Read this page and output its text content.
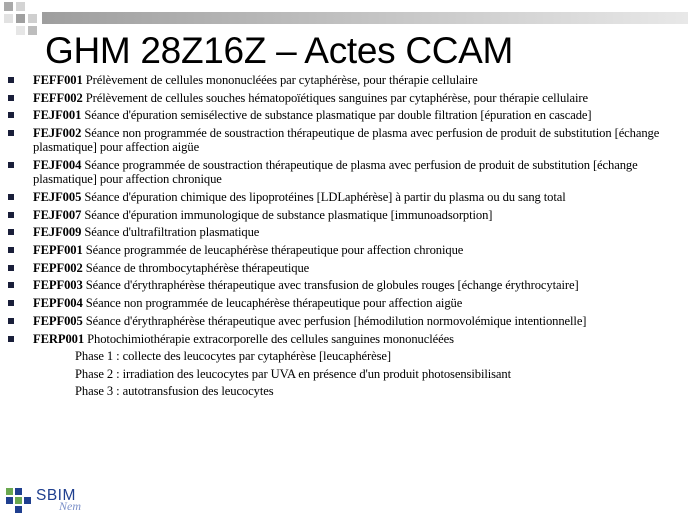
GHM 28Z16Z – Actes CCAM
FEFF001 Prélèvement de cellules mononucléées par cytaphérèse, pour thérapie cellulaire
FEFF002 Prélèvement de cellules souches hématopoïétiques sanguines par cytaphérèse, pour thérapie cellulaire
FEJF001 Séance d'épuration semisélective de substance plasmatique par double filtration [épuration en cascade]
FEJF002 Séance non programmée de soustraction thérapeutique de plasma avec perfusion de produit de substitution [échange plasmatique] pour affection aigüe
FEJF004 Séance programmée de soustraction thérapeutique de plasma avec perfusion de produit de substitution [échange plasmatique] pour affection chronique
FEJF005 Séance d'épuration chimique des lipoprotéines [LDLaphérèse] à partir du plasma ou du sang total
FEJF007 Séance d'épuration immunologique de substance plasmatique [immunoadsorption]
FEJF009 Séance d'ultrafiltration plasmatique
FEPF001 Séance programmée de leucaphérèse thérapeutique pour affection chronique
FEPF002 Séance de thrombocytaphérèse thérapeutique
FEPF003 Séance d'érythraphérèse thérapeutique avec transfusion de globules rouges [échange érythrocytaire]
FEPF004 Séance non programmée de leucaphérèse thérapeutique pour affection aigüe
FEPF005 Séance d'érythraphérèse thérapeutique avec perfusion [hémodilution normovolémique intentionnelle]
FERP001 Photochimiothérapie extracorporelle des cellules sanguines mononucléées
Phase 1 : collecte des leucocytes par cytaphérèse [leucaphérèse]
Phase 2 : irradiation des leucocytes par UVA en présence d'un produit photosensibilisant
Phase 3 : autotransfusion des leucocytes
SBIM
Nem
